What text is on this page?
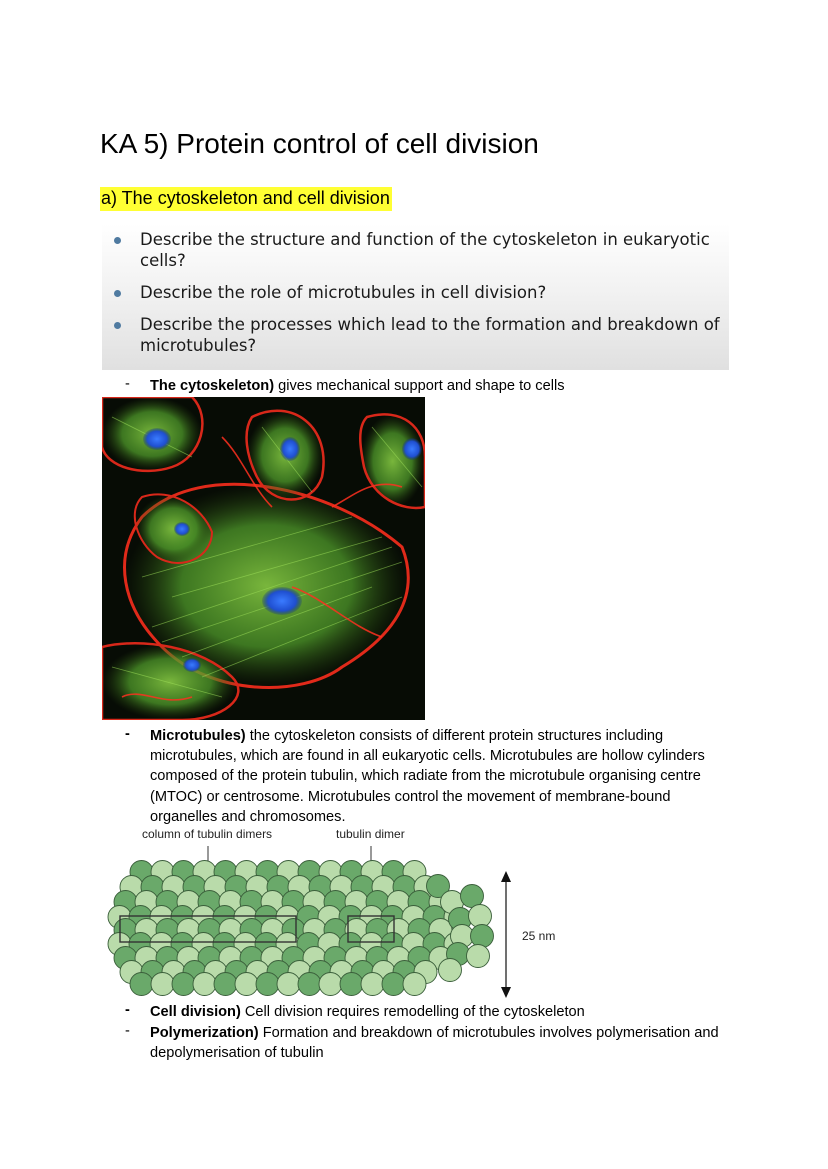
KA 5) Protein control of cell division
a) The cytoskeleton and cell division
Describe the structure and function of the cytoskeleton in eukaryotic cells?
Describe the role of microtubules in cell division?
Describe the processes which lead to the formation and breakdown of microtubules?
- The cytoskeleton) gives mechanical support and shape to cells
- Microtubules) the cytoskeleton consists of different protein structures including microtubules, which are found in all eukaryotic cells. Microtubules are hollow cylinders composed of the protein tubulin, which radiate from the microtubule organising centre (MTOC) or centrosome. Microtubules control the movement of membrane-bound organelles and chromosomes.
column of tubulin dimers	tubulin dimer
25 nm
- Cell division) Cell division requires remodelling of the cytoskeleton
- Polymerization) Formation and breakdown of microtubules involves polymerisation and depolymerisation of tubulin
